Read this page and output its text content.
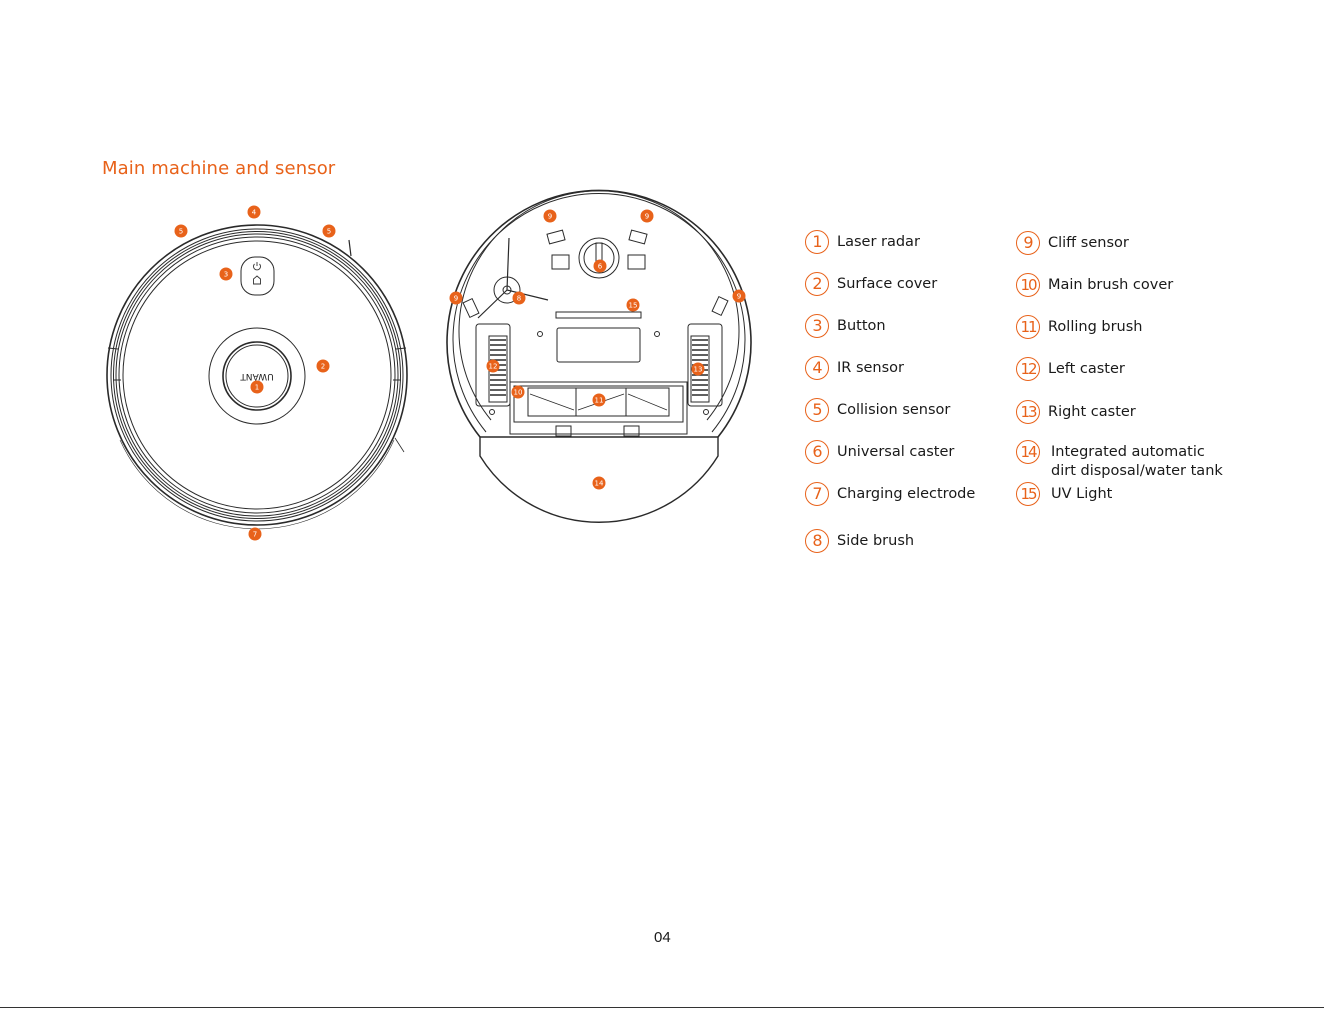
Main machine and sensor
UWANT
1
2
3
4
5	5
7
9	9
9	9
8
6
15
12	13
10
11
14
1	Laser radar
2	Surface cover
3	Button
4	IR sensor
5	Collision sensor
6	Universal caster
7	Charging electrode
8	Side brush
9	Cliff sensor
10 Main brush cover
11 Rolling brush
12 Left caster
13 Right caster
14	Integrated automatic
dirt disposal/water tank
15	UV Light
04
